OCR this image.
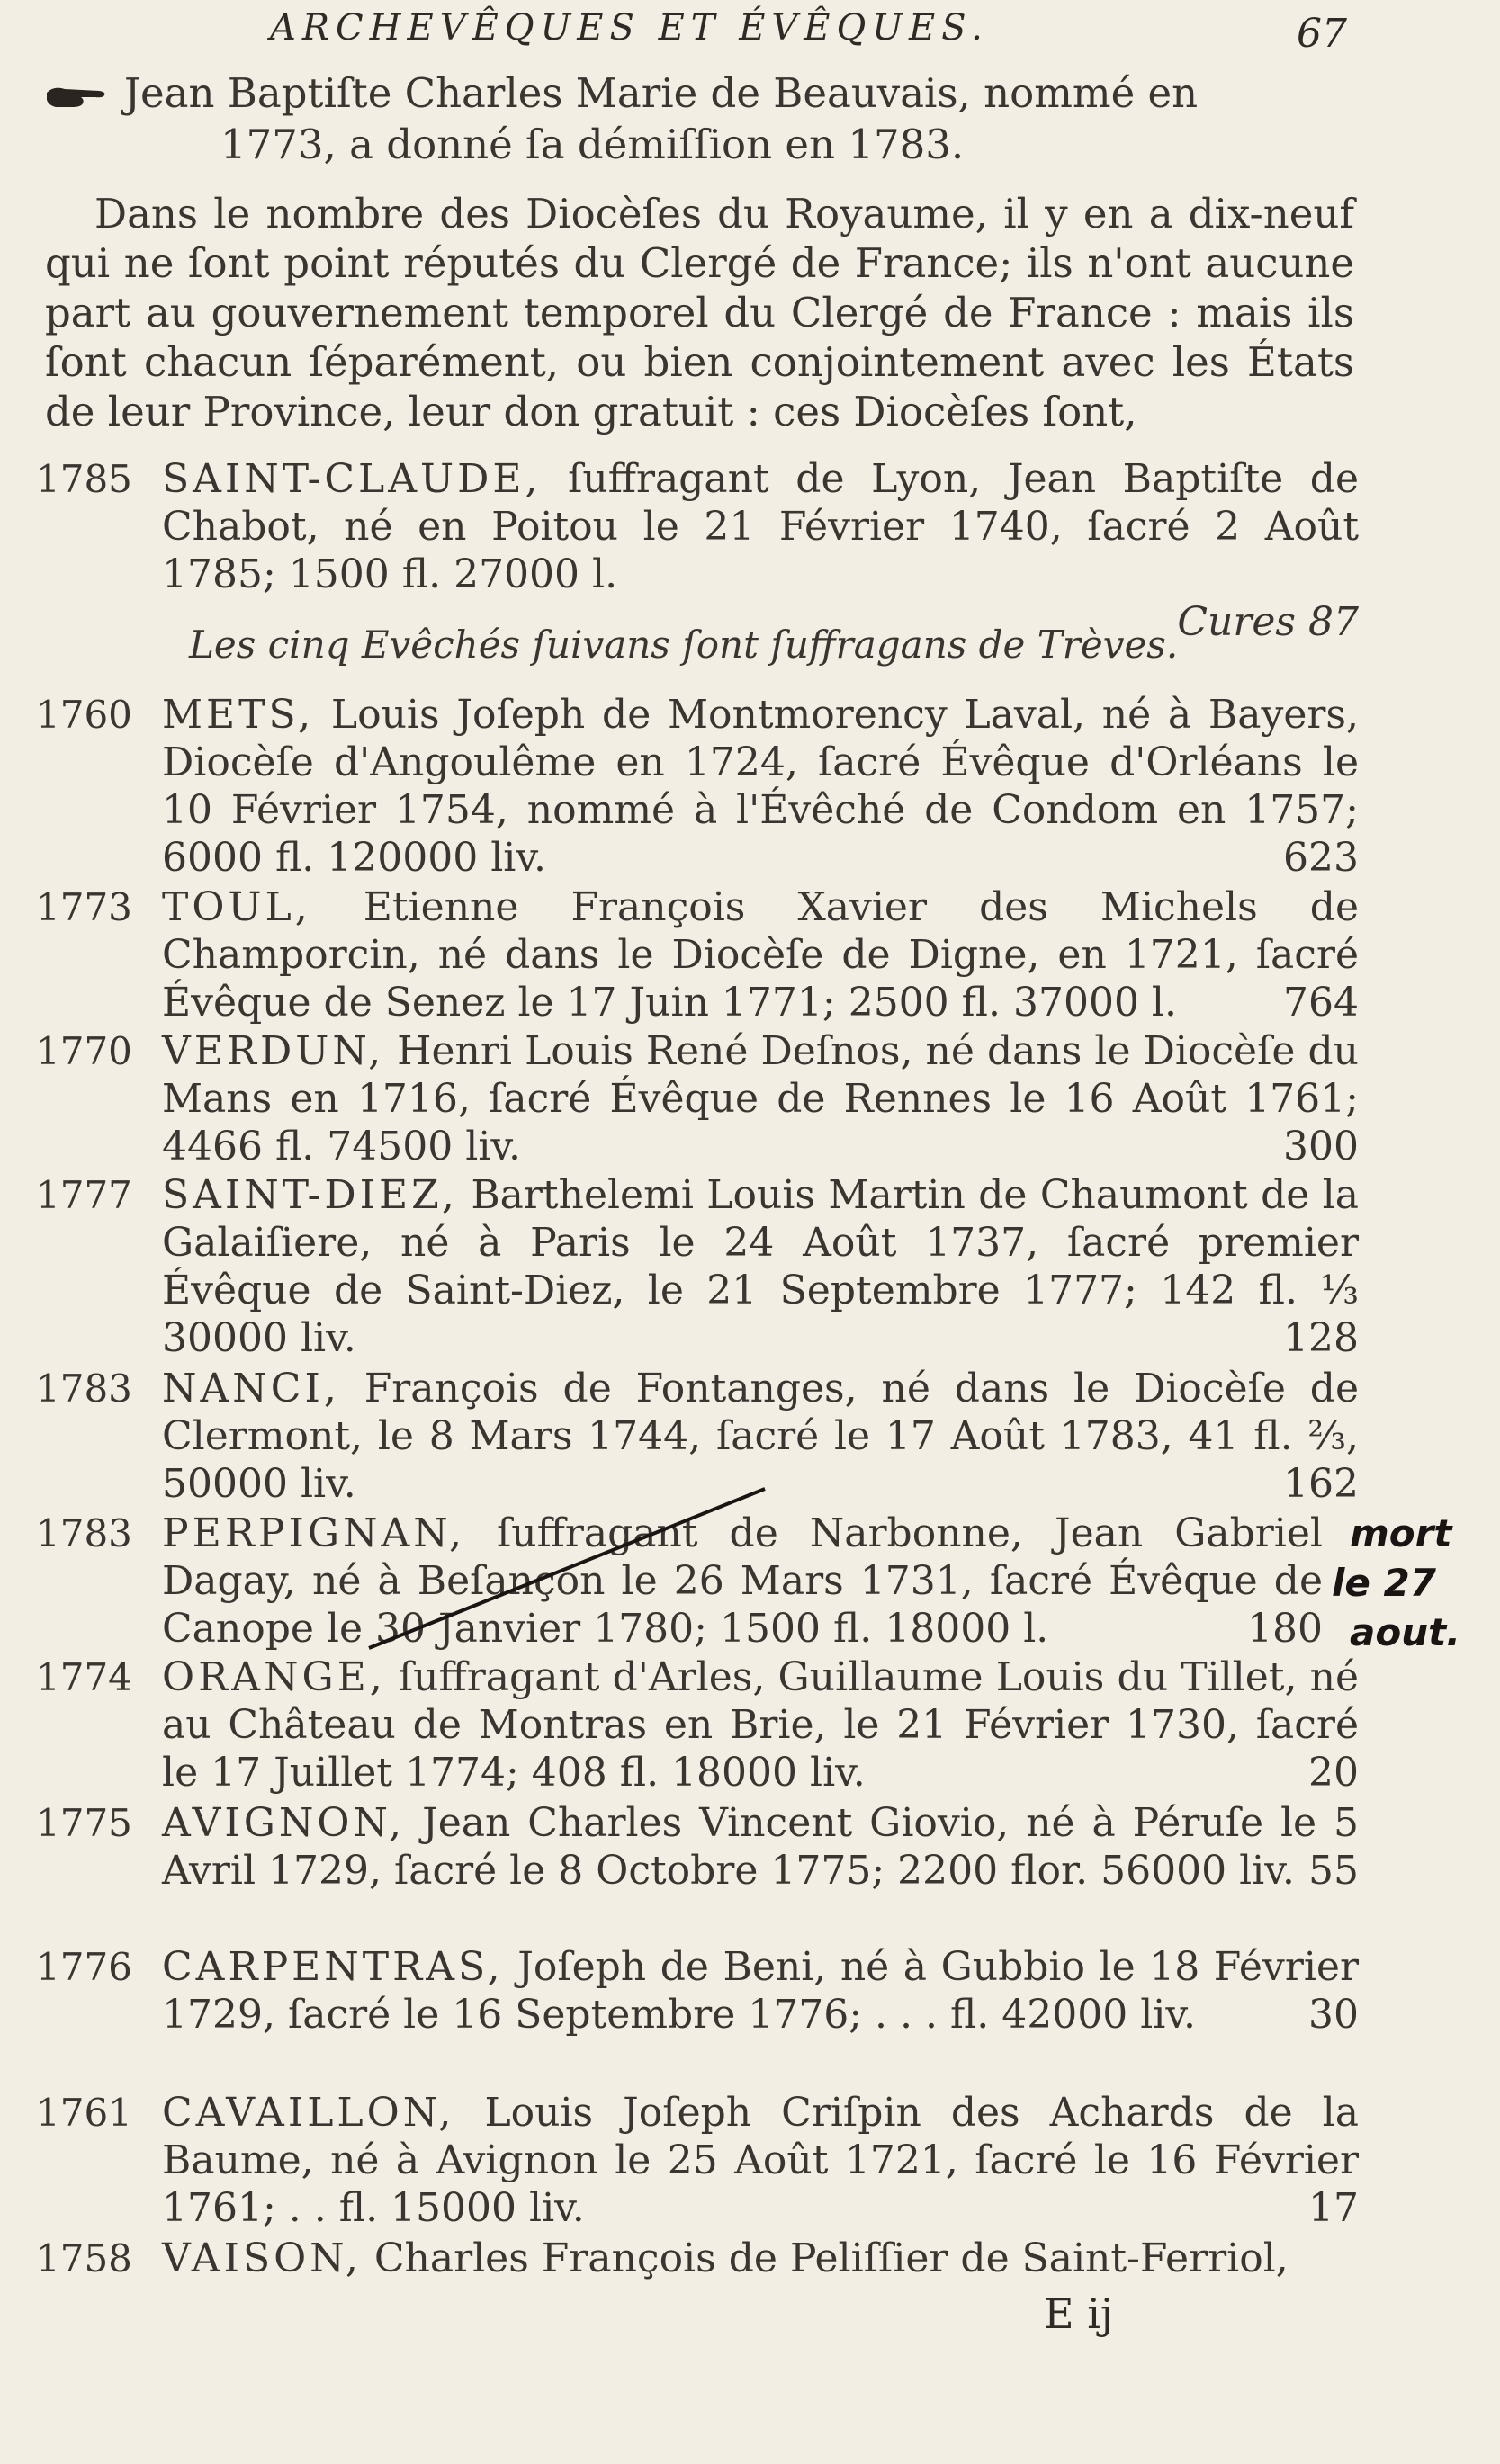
ARCHEVÊQUES ET ÉVÊQUES.	67
Jean Baptiſte Charles Marie de Beauvais, nommé en
1773, a donné ſa démiſſion en 1783.
Dans le nombre des Diocèſes du Royaume, il y en a dix-neuf qui ne ſont point réputés du Clergé de France; ils n'ont aucune part au gouvernement temporel du Clergé de France : mais ils ſont chacun ſéparément, ou bien conjointement avec les États de leur Province, leur don gratuit : ces Diocèſes ſont,
1785 SAINT-CLAUDE, ſuffragant de Lyon, Jean Baptiſte de Chabot, né en Poitou le 21 Février 1740, ſacré 2 Août 1785; 1500 fl. 27000 l.
Cures 87
Les cinq Evêchés ſuivans ſont ſuffragans de Trèves.
1760 METS, Louis Joſeph de Montmorency Laval, né à Bayers, Diocèſe d'Angoulême en 1724, ſacré Évêque d'Orléans le 10 Février 1754, nommé à l'Évêché de Condom en 1757; 6000 fl. 120000 liv.	623
1773 TOUL, Etienne François Xavier des Michels de Champorcin, né dans le Diocèſe de Digne, en 1721, ſacré Évêque de Senez le 17 Juin 1771; 2500 fl. 37000 l.	764
1770 VERDUN, Henri Louis René Deſnos, né dans le Diocèſe du Mans en 1716, ſacré Évêque de Rennes le 16 Août 1761; 4466 fl. 74500 liv.	300
1777 SAINT-DIEZ, Barthelemi Louis Martin de Chaumont de la Galaiſiere, né à Paris le 24 Août 1737, ſacré premier Évêque de Saint-Diez, le 21 Septembre 1777; 142 fl. ⅓ 30000 liv.	128
1783 NANCI, François de Fontanges, né dans le Diocèſe de Clermont, le 8 Mars 1744, ſacré le 17 Août 1783, 41 fl. ⅔, 50000 liv.	162
1783 PERPIGNAN, ſuffragant de Narbonne, Jean Gabriel Dagay, né à Beſançon le 26 Mars 1731, ſacré Évêque de Canope le 30 Janvier 1780; 1500 fl. 18000 l.	180
1774 ORANGE, ſuffragant d'Arles, Guillaume Louis du Tillet, né au Château de Montras en Brie, le 21 Février 1730, ſacré le 17 Juillet 1774; 408 fl. 18000 liv.	20
1775 AVIGNON, Jean Charles Vincent Giovio, né à Péruſe le 5 Avril 1729, ſacré le 8 Octobre 1775; 2200 flor. 56000 liv. 55
1776 CARPENTRAS, Joſeph de Beni, né à Gubbio le 18 Février 1729, ſacré le 16 Septembre 1776; . . . fl. 42000 liv.	30
1761 CAVAILLON, Louis Joſeph Criſpin des Achards de la Baume, né à Avignon le 25 Août 1721, ſacré le 16 Février 1761; . . fl. 15000 liv.	17
1758 VAISON, Charles François de Peliſſier de Saint-Ferriol,
mort
le 27
aout.
E ij
